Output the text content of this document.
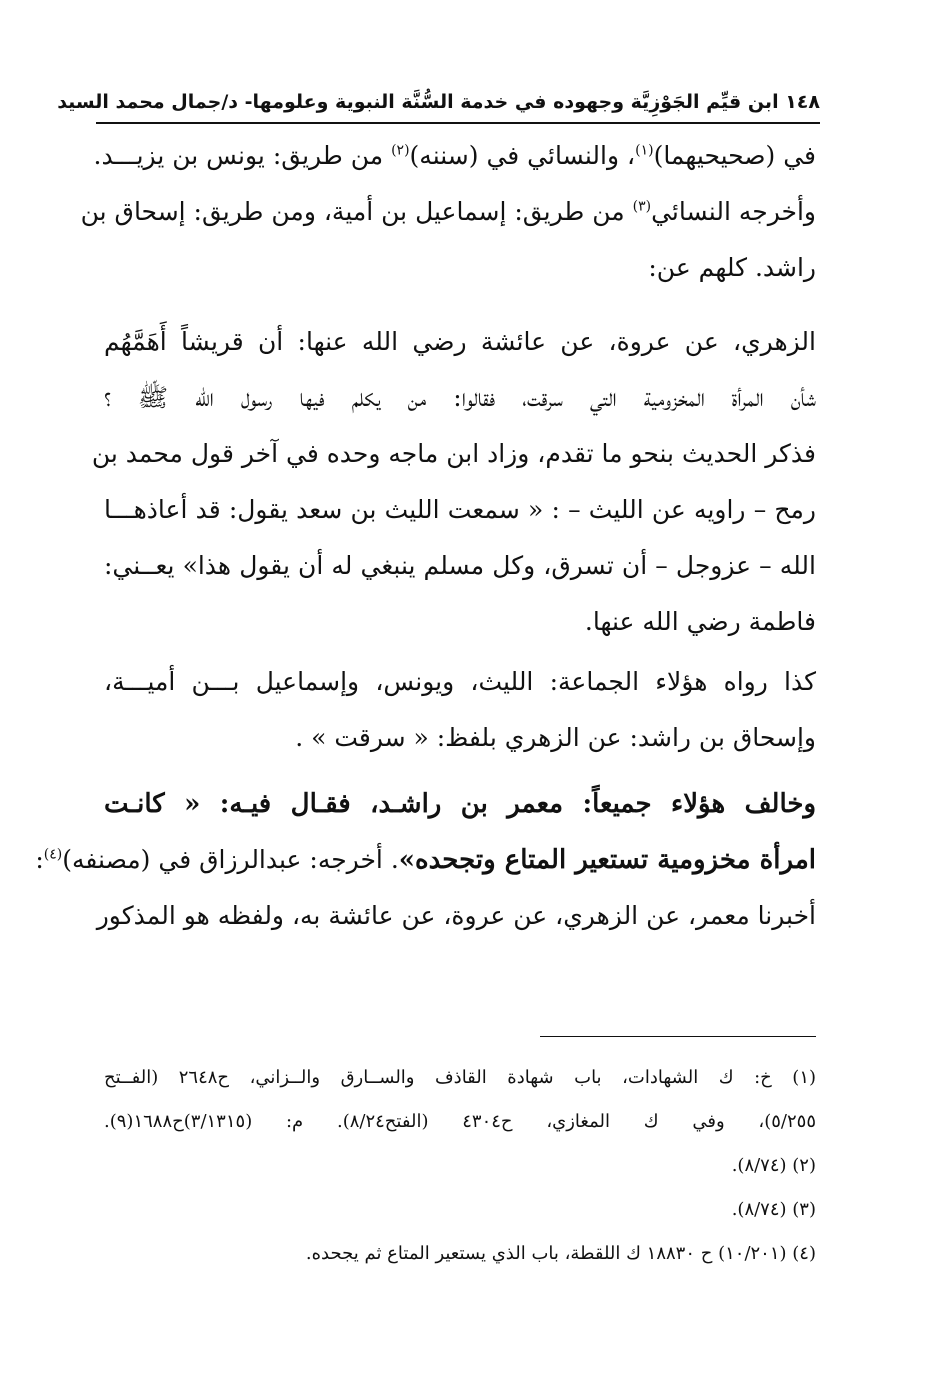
١٤٨ ابن قيِّم الجَوْزِيَّة وجهوده في خدمة السُّنَّة النبوية وعلومها- د/جمال محمد السيد
في (صحيحيهما)$^{(١)}$، والنسائي في (سننه)$^{(٢)}$ من طريق: يونس بن يزيـــد.
وأخرجه النسائي$^{(٣)}$ من طريق: إسماعيل بن أمية، ومن طريق: إسحاق بن
راشد. كلهم عن:
الزهري، عن عروة، عن عائشة رضي الله عنها: أن قريشاً أَهَمَّهُم
شأن المرأة المخزومية التي سرقت، فقالوا: من يكلم فيها رسول الله ﷺ ؟
فذكر الحديث بنحو ما تقدم، وزاد ابن ماجه وحده في آخر قول محمد بن
رمح – راويه عن الليث – : « سمعت الليث بن سعد يقول: قد أعاذهـــا
الله – عزوجل – أن تسرق، وكل مسلم ينبغي له أن يقول هذا» يعــني:
فاطمة رضي الله عنها.
كذا رواه هؤلاء الجماعة: الليث، ويونس، وإسماعيل بـــن أميـــة،
وإسحاق بن راشد: عن الزهري بلفظ: « سرقت » .
وخالف هؤلاء جميعاً: معمر بن راشـد، فقـال فيـه: « كانـت
امرأة مخزومية تستعير المتاع وتجحده». أخرجه: عبدالرزاق في (مصنفه)$^{(٤)}$:
أخبرنا معمر، عن الزهري، عن عروة، عن عائشة به، ولفظه هو المذكور
(١) خ: ك الشهادات، باب شهادة القاذف والســارق والــزاني، ح٢٦٤٨ (الفــتح
٥/٢٥٥)، وفي ك المغازي، ح٤٣٠٤ (الفتح٨/٢٤). م: (٣/١٣١٥)ح١٦٨٨(٩).
(٢) (٨/٧٤).
(٣) (٨/٧٤).
(٤) (١٠/٢٠١) ح ١٨٨٣٠ ك اللقطة، باب الذي يستعير المتاع ثم يجحده.
